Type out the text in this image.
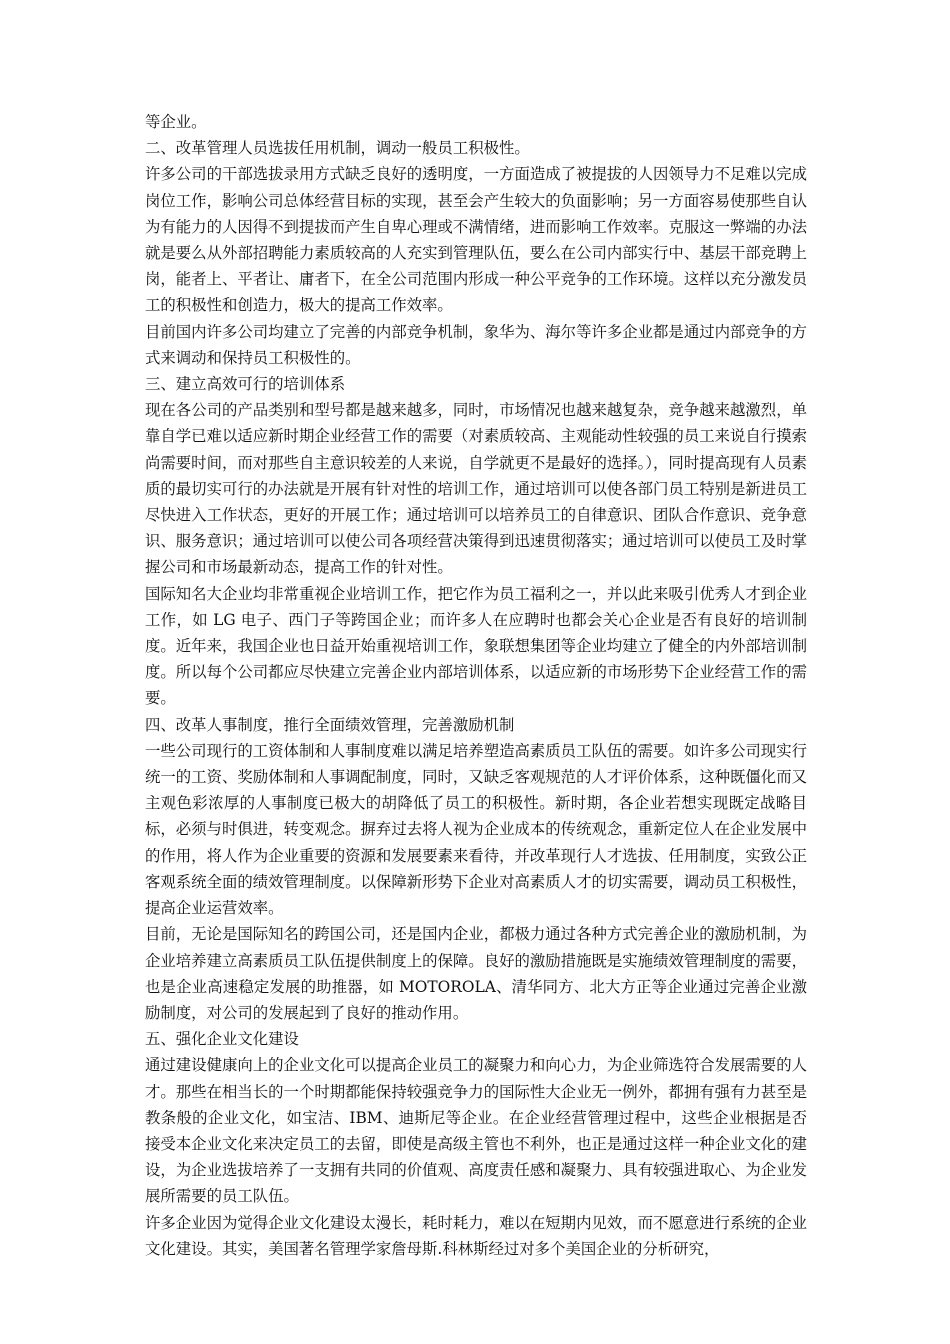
等企业。

二、改革管理人员选拔任用机制，调动一般员工积极性。

许多公司的干部选拔录用方式缺乏良好的透明度，一方面造成了被提拔的人因领导力不足难以完成岗位工作，影响公司总体经营目标的实现，甚至会产生较大的负面影响；另一方面容易使那些自认为有能力的人因得不到提拔而产生自卑心理或不满情绪，进而影响工作效率。克服这一弊端的办法就是要么从外部招聘能力素质较高的人充实到管理队伍，要么在公司内部实行中、基层干部竞聘上岗，能者上、平者让、庸者下，在全公司范围内形成一种公平竞争的工作环境。这样以充分激发员工的积极性和创造力，极大的提高工作效率。

目前国内许多公司均建立了完善的内部竞争机制，象华为、海尔等许多企业都是通过内部竞争的方式来调动和保持员工积极性的。

三、建立高效可行的培训体系

现在各公司的产品类别和型号都是越来越多，同时，市场情况也越来越复杂，竞争越来越激烈，单靠自学已难以适应新时期企业经营工作的需要（对素质较高、主观能动性较强的员工来说自行摸索尚需要时间，而对那些自主意识较差的人来说，自学就更不是最好的选择。），同时提高现有人员素质的最切实可行的办法就是开展有针对性的培训工作，通过培训可以使各部门员工特别是新进员工尽快进入工作状态，更好的开展工作；通过培训可以培养员工的自律意识、团队合作意识、竞争意识、服务意识；通过培训可以使公司各项经营决策得到迅速贯彻落实；通过培训可以使员工及时掌握公司和市场最新动态，提高工作的针对性。

国际知名大企业均非常重视企业培训工作，把它作为员工福利之一，并以此来吸引优秀人才到企业工作，如 LG 电子、西门子等跨国企业；而许多人在应聘时也都会关心企业是否有良好的培训制度。近年来，我国企业也日益开始重视培训工作，象联想集团等企业均建立了健全的内外部培训制度。所以每个公司都应尽快建立完善企业内部培训体系，以适应新的市场形势下企业经营工作的需要。

四、改革人事制度，推行全面绩效管理，完善激励机制

一些公司现行的工资体制和人事制度难以满足培养塑造高素质员工队伍的需要。如许多公司现实行统一的工资、奖励体制和人事调配制度，同时，又缺乏客观规范的人才评价体系，这种既僵化而又主观色彩浓厚的人事制度已极大的胡降低了员工的积极性。新时期，各企业若想实现既定战略目标，必须与时俱进，转变观念。摒弃过去将人视为企业成本的传统观念，重新定位人在企业发展中的作用，将人作为企业重要的资源和发展要素来看待，并改革现行人才选拔、任用制度，实致公正客观系统全面的绩效管理制度。以保障新形势下企业对高素质人才的切实需要，调动员工积极性，提高企业运营效率。

目前，无论是国际知名的跨国公司，还是国内企业，都极力通过各种方式完善企业的激励机制，为企业培养建立高素质员工队伍提供制度上的保障。良好的激励措施既是实施绩效管理制度的需要，也是企业高速稳定发展的助推器，如 MOTOROLA、清华同方、北大方正等企业通过完善企业激励制度，对公司的发展起到了良好的推动作用。

五、强化企业文化建设

通过建设健康向上的企业文化可以提高企业员工的凝聚力和向心力，为企业筛选符合发展需要的人才。那些在相当长的一个时期都能保持较强竞争力的国际性大企业无一例外，都拥有强有力甚至是教条般的企业文化，如宝洁、IBM、迪斯尼等企业。在企业经营管理过程中，这些企业根据是否接受本企业文化来决定员工的去留，即使是高级主管也不利外，也正是通过这样一种企业文化的建设，为企业选拔培养了一支拥有共同的价值观、高度责任感和凝聚力、具有较强进取心、为企业发展所需要的员工队伍。

许多企业因为觉得企业文化建设太漫长，耗时耗力，难以在短期内见效，而不愿意进行系统的企业文化建设。其实，美国著名管理学家詹母斯.科林斯经过对多个美国企业的分析研究，
